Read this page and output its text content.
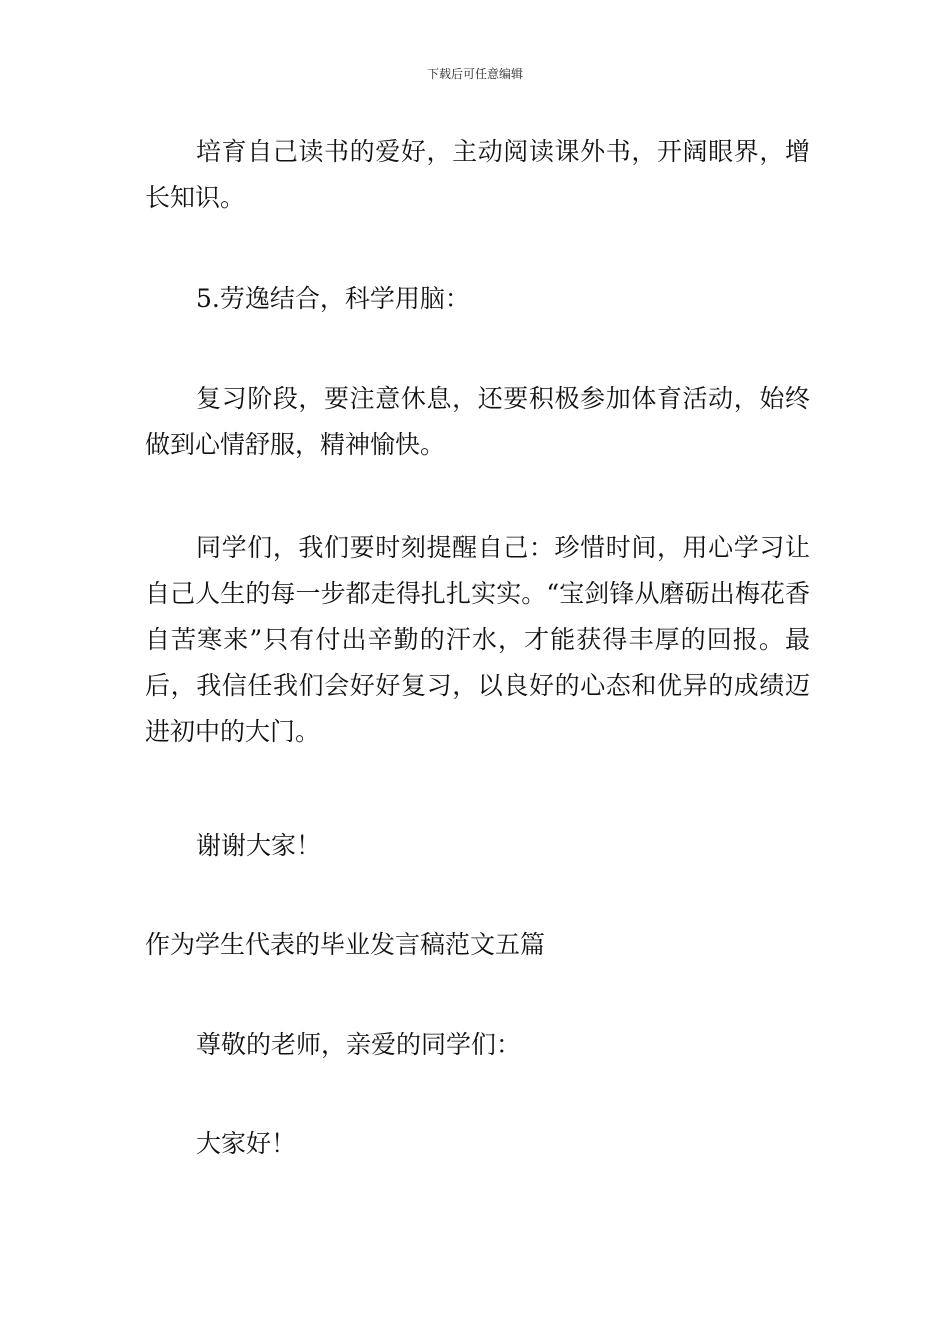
下载后可任意编辑

培育自己读书的爱好，主动阅读课外书，开阔眼界，增长知识。

5.劳逸结合，科学用脑：

复习阶段，要注意休息，还要积极参加体育活动，始终做到心情舒服，精神愉快。

同学们，我们要时刻提醒自己：珍惜时间，用心学习让自己人生的每一步都走得扎扎实实。“宝剑锋从磨砺出梅花香自苦寒来”只有付出辛勤的汗水，才能获得丰厚的回报。最后，我信任我们会好好复习，以良好的心态和优异的成绩迈进初中的大门。

谢谢大家！

作为学生代表的毕业发言稿范文五篇

尊敬的老师，亲爱的同学们：

大家好！
